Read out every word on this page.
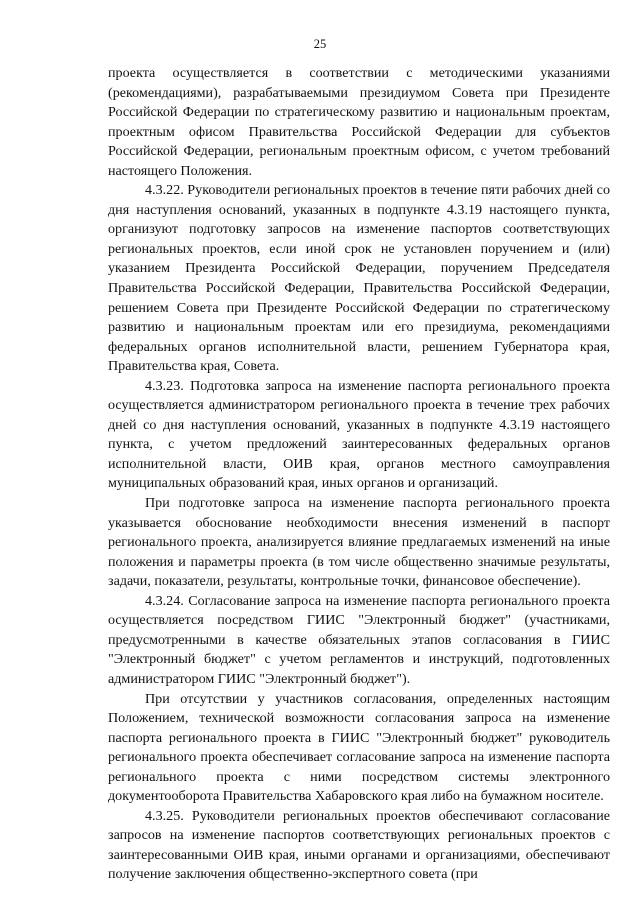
25

проекта осуществляется в соответствии с методическими указаниями (рекомендациями), разрабатываемыми президиумом Совета при Президенте Российской Федерации по стратегическому развитию и национальным проектам, проектным офисом Правительства Российской Федерации для субъектов Российской Федерации, региональным проектным офисом, с учетом требований настоящего Положения.

4.3.22. Руководители региональных проектов в течение пяти рабочих дней со дня наступления оснований, указанных в подпункте 4.3.19 настоящего пункта, организуют подготовку запросов на изменение паспортов соответствующих региональных проектов, если иной срок не установлен поручением и (или) указанием Президента Российской Федерации, поручением Председателя Правительства Российской Федерации, Правительства Российской Федерации, решением Совета при Президенте Российской Федерации по стратегическому развитию и национальным проектам или его президиума, рекомендациями федеральных органов исполнительной власти, решением Губернатора края, Правительства края, Совета.

4.3.23. Подготовка запроса на изменение паспорта регионального проекта осуществляется администратором регионального проекта в течение трех рабочих дней со дня наступления оснований, указанных в подпункте 4.3.19 настоящего пункта, с учетом предложений заинтересованных федеральных органов исполнительной власти, ОИВ края, органов местного самоуправления муниципальных образований края, иных органов и организаций.

При подготовке запроса на изменение паспорта регионального проекта указывается обоснование необходимости внесения изменений в паспорт регионального проекта, анализируется влияние предлагаемых изменений на иные положения и параметры проекта (в том числе общественно значимые результаты, задачи, показатели, результаты, контрольные точки, финансовое обеспечение).

4.3.24. Согласование запроса на изменение паспорта регионального проекта осуществляется посредством ГИИС "Электронный бюджет" (участниками, предусмотренными в качестве обязательных этапов согласования в ГИИС "Электронный бюджет" с учетом регламентов и инструкций, подготовленных администратором ГИИС "Электронный бюджет").

При отсутствии у участников согласования, определенных настоящим Положением, технической возможности согласования запроса на изменение паспорта регионального проекта в ГИИС "Электронный бюджет" руководитель регионального проекта обеспечивает согласование запроса на изменение паспорта регионального проекта с ними посредством системы электронного документооборота Правительства Хабаровского края либо на бумажном носителе.

4.3.25. Руководители региональных проектов обеспечивают согласование запросов на изменение паспортов соответствующих региональных проектов с заинтересованными ОИВ края, иными органами и организациями, обеспечивают получение заключения общественно-экспертного совета (при
